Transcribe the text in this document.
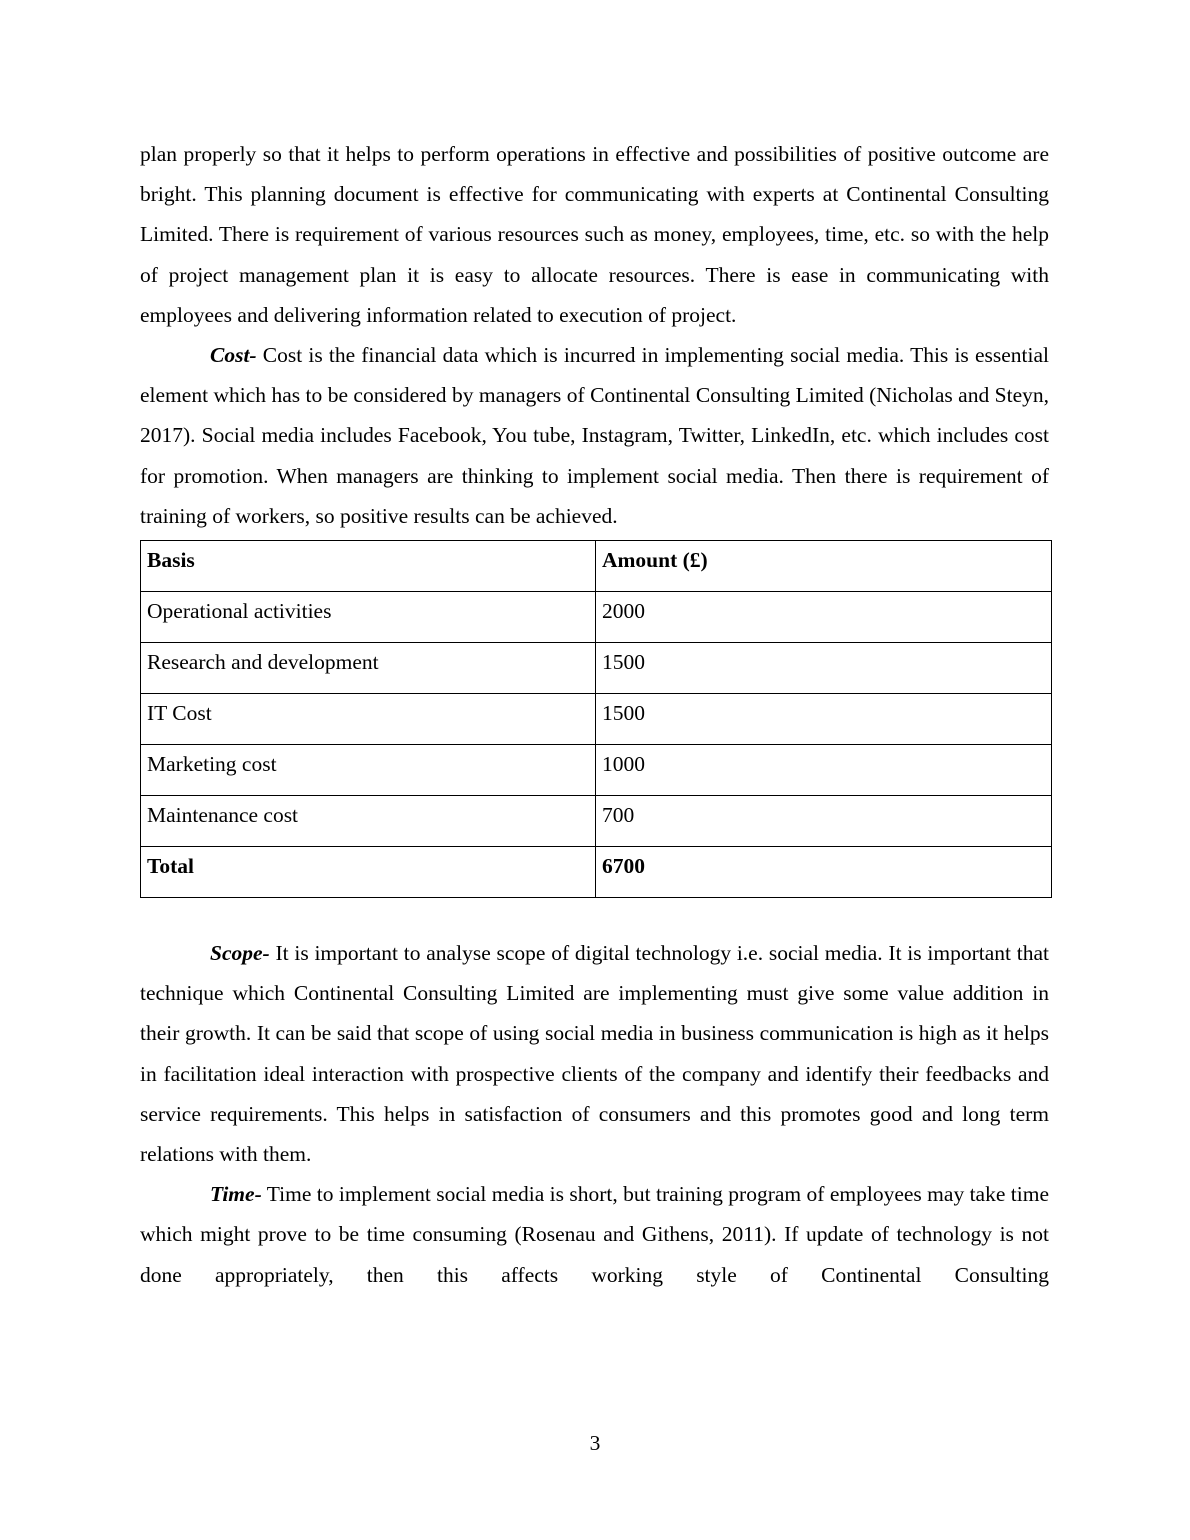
plan properly so that it helps to perform operations in effective and possibilities of positive outcome are bright. This planning document is effective for communicating with experts at Continental Consulting Limited. There is requirement of various resources such as money, employees, time, etc. so with the help of project management plan it is easy to allocate resources. There is ease in communicating with employees and delivering information related to execution of project.

Cost- Cost is the financial data which is incurred in implementing social media. This is essential element which has to be considered by managers of Continental Consulting Limited (Nicholas and Steyn, 2017). Social media includes Facebook, You tube, Instagram, Twitter, LinkedIn, etc. which includes cost for promotion. When managers are thinking to implement social media. Then there is requirement of training of workers, so positive results can be achieved.

Basis	Amount (£)
Operational activities	2000
Research and development	1500
IT Cost	1500
Marketing cost	1000
Maintenance cost	700
Total	6700

Scope- It is important to analyse scope of digital technology i.e. social media. It is important that technique which Continental Consulting Limited are implementing must give some value addition in their growth. It can be said that scope of using social media in business communication is high as it helps in facilitation ideal interaction with prospective clients of the company and identify their feedbacks and service requirements. This helps in satisfaction of consumers and this promotes good and long term relations with them.

Time- Time to implement social media is short, but training program of employees may take time which might prove to be time consuming (Rosenau and Githens, 2011). If update of technology is not done appropriately, then this affects working style of Continental Consulting

3
